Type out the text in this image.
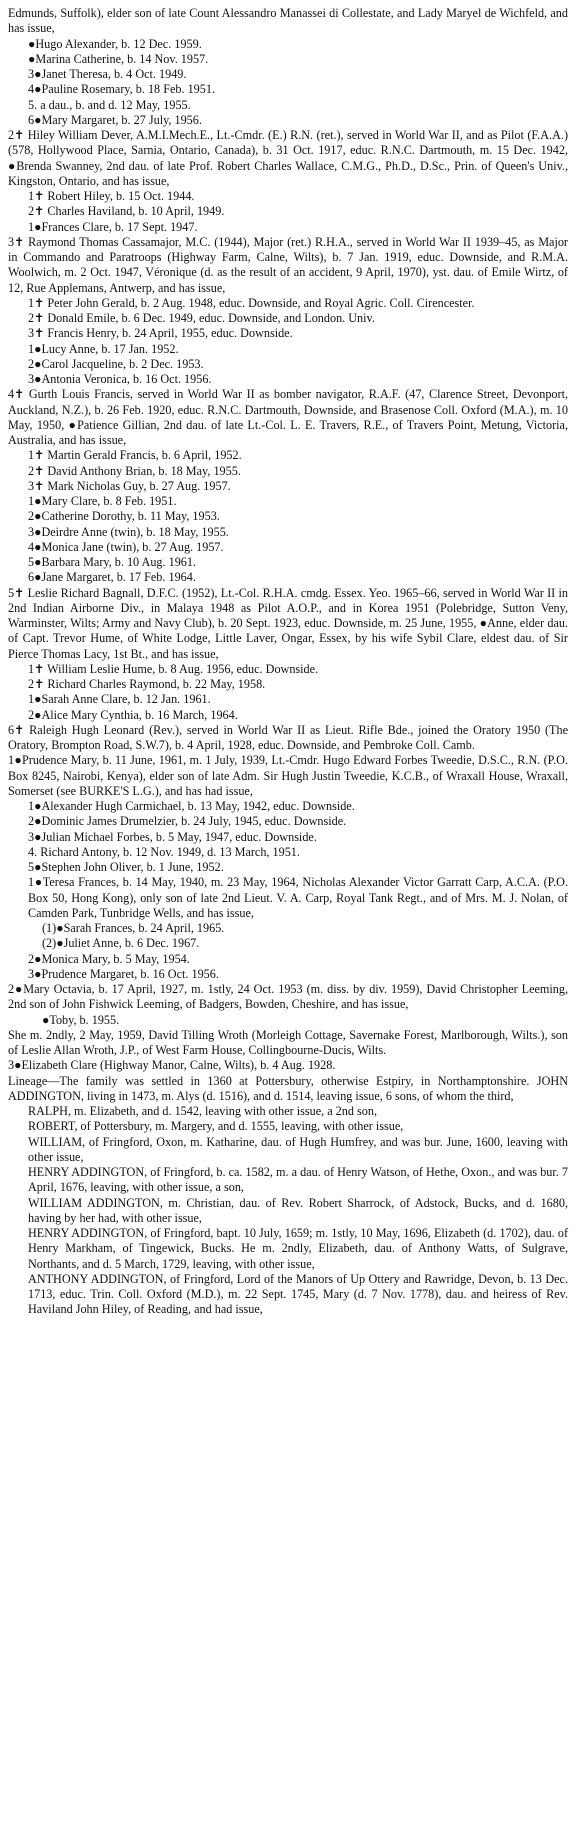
Edmunds, Suffolk), elder son of late Count Alessandro Manassei di Collestate, and Lady Maryel de Wichfeld, and has issue,

●Hugo Alexander, b. 12 Dec. 1959.

●Marina Catherine, b. 14 Nov. 1957.

3●Janet Theresa, b. 4 Oct. 1949.

4●Pauline Rosemary, b. 18 Feb. 1951.

5. a dau., b. and d. 12 May, 1955.

6●Mary Margaret, b. 27 July, 1956.

2✝ Hiley William Dever, A.M.I.Mech.E., Lt.-Cmdr. (E.) R.N. (ret.), served in World War II, and as Pilot (F.A.A.) (578, Hollywood Place, Sarnia, Ontario, Canada), b. 31 Oct. 1917, educ. R.N.C. Dartmouth, m. 15 Dec. 1942, ●Brenda Swanney, 2nd dau. of late Prof. Robert Charles Wallace, C.M.G., Ph.D., D.Sc., Prin. of Queen's Univ., Kingston, Ontario, and has issue,

1✝ Robert Hiley, b. 15 Oct. 1944.

2✝ Charles Haviland, b. 10 April, 1949.

1●Frances Clare, b. 17 Sept. 1947.

3✝ Raymond Thomas Cassamajor, M.C. (1944), Major (ret.) R.H.A., served in World War II 1939–45, as Major in Commando and Paratroops (Highway Farm, Calne, Wilts), b. 7 Jan. 1919, educ. Downside, and R.M.A. Woolwich, m. 2 Oct. 1947, Véronique (d. as the result of an accident, 9 April, 1970), yst. dau. of Emile Wirtz, of 12, Rue Applemans, Antwerp, and has issue,

1✝ Peter John Gerald, b. 2 Aug. 1948, educ. Downside, and Royal Agric. Coll. Cirencester.

2✝ Donald Emile, b. 6 Dec. 1949, educ. Downside, and London. Univ.

3✝ Francis Henry, b. 24 April, 1955, educ. Downside.

1●Lucy Anne, b. 17 Jan. 1952.

2●Carol Jacqueline, b. 2 Dec. 1953.

3●Antonia Veronica, b. 16 Oct. 1956.

4✝ Gurth Louis Francis, served in World War II as bomber navigator, R.A.F. (47, Clarence Street, Devonport, Auckland, N.Z.), b. 26 Feb. 1920, educ. R.N.C. Dartmouth, Downside, and Brasenose Coll. Oxford (M.A.), m. 10 May, 1950, ●Patience Gillian, 2nd dau. of late Lt.-Col. L. E. Travers, R.E., of Travers Point, Metung, Victoria, Australia, and has issue,

1✝ Martin Gerald Francis, b. 6 April, 1952.

2✝ David Anthony Brian, b. 18 May, 1955.

3✝ Mark Nicholas Guy, b. 27 Aug. 1957.

1●Mary Clare, b. 8 Feb. 1951.

2●Catherine Dorothy, b. 11 May, 1953.

3●Deirdre Anne (twin), b. 18 May, 1955.

4●Monica Jane (twin), b. 27 Aug. 1957.

5●Barbara Mary, b. 10 Aug. 1961.

6●Jane Margaret, b. 17 Feb. 1964.

5✝ Leslie Richard Bagnall, D.F.C. (1952), Lt.-Col. R.H.A. cmdg. Essex. Yeo. 1965–66, served in World War II in 2nd Indian Airborne Div., in Malaya 1948 as Pilot A.O.P., and in Korea 1951 (Polebridge, Sutton Veny, Warminster, Wilts; Army and Navy Club), b. 20 Sept. 1923, educ. Downside, m. 25 June, 1955, ●Anne, elder dau. of Capt. Trevor Hume, of White Lodge, Little Laver, Ongar, Essex, by his wife Sybil Clare, eldest dau. of Sir Pierce Thomas Lacy, 1st Bt., and has issue,

1✝ William Leslie Hume, b. 8 Aug. 1956, educ. Downside.

2✝ Richard Charles Raymond, b. 22 May, 1958.

1●Sarah Anne Clare, b. 12 Jan. 1961.

2●Alice Mary Cynthia, b. 16 March, 1964.

6✝ Raleigh Hugh Leonard (Rev.), served in World War II as Lieut. Rifle Bde., joined the Oratory 1950 (The Oratory, Brompton Road, S.W.7), b. 4 April, 1928, educ. Downside, and Pembroke Coll. Camb.

1●Prudence Mary, b. 11 June, 1961, m. 1 July, 1939, Lt.-Cmdr. Hugo Edward Forbes Tweedie, D.S.C., R.N. (P.O. Box 8245, Nairobi, Kenya), elder son of late Adm. Sir Hugh Justin Tweedie, K.C.B., of Wraxall House, Wraxall, Somerset (see BURKE'S L.G.), and has had issue,

1●Alexander Hugh Carmichael, b. 13 May, 1942, educ. Downside.

2●Dominic James Drumelzier, b. 24 July, 1945, educ. Downside.

3●Julian Michael Forbes, b. 5 May, 1947, educ. Downside.

4. Richard Antony, b. 12 Nov. 1949, d. 13 March, 1951.

5●Stephen John Oliver, b. 1 June, 1952.

1●Teresa Frances, b. 14 May, 1940, m. 23 May, 1964, Nicholas Alexander Victor Garratt Carp, A.C.A. (P.O. Box 50, Hong Kong), only son of late 2nd Lieut. V. A. Carp, Royal Tank Regt., and of Mrs. M. J. Nolan, of Camden Park, Tunbridge Wells, and has issue,

(1)●Sarah Frances, b. 24 April, 1965.

(2)●Juliet Anne, b. 6 Dec. 1967.

2●Monica Mary, b. 5 May, 1954.

3●Prudence Margaret, b. 16 Oct. 1956.

2●Mary Octavia, b. 17 April, 1927, m. 1stly, 24 Oct. 1953 (m. diss. by div. 1959), David Christopher Leeming, 2nd son of John Fishwick Leeming, of Badgers, Bowden, Cheshire, and has issue,

●Toby, b. 1955.

She m. 2ndly, 2 May, 1959, David Tilling Wroth (Morleigh Cottage, Savernake Forest, Marlborough, Wilts.), son of Leslie Allan Wroth, J.P., of West Farm House, Collingbourne-Ducis, Wilts.

3●Elizabeth Clare (Highway Manor, Calne, Wilts), b. 4 Aug. 1928.

Lineage—The family was settled in 1360 at Pottersbury, otherwise Estpiry, in Northamptonshire. JOHN ADDINGTON, living in 1473, m. Alys (d. 1516), and d. 1514, leaving issue, 6 sons, of whom the third,

RALPH, m. Elizabeth, and d. 1542, leaving with other issue, a 2nd son,

ROBERT, of Pottersbury, m. Margery, and d. 1555, leaving, with other issue,

WILLIAM, of Fringford, Oxon, m. Katharine, dau. of Hugh Humfrey, and was bur. June, 1600, leaving with other issue,

HENRY ADDINGTON, of Fringford, b. ca. 1582, m. a dau. of Henry Watson, of Hethe, Oxon., and was bur. 7 April, 1676, leaving, with other issue, a son,

WILLIAM ADDINGTON, m. Christian, dau. of Rev. Robert Sharrock, of Adstock, Bucks, and d. 1680, having by her had, with other issue,

HENRY ADDINGTON, of Fringford, bapt. 10 July, 1659; m. 1stly, 10 May, 1696, Elizabeth (d. 1702), dau. of Henry Markham, of Tingewick, Bucks. He m. 2ndly, Elizabeth, dau. of Anthony Watts, of Sulgrave, Northants, and d. 5 March, 1729, leaving, with other issue,

ANTHONY ADDINGTON, of Fringford, Lord of the Manors of Up Ottery and Rawridge, Devon, b. 13 Dec. 1713, educ. Trin. Coll. Oxford (M.D.), m. 22 Sept. 1745, Mary (d. 7 Nov. 1778), dau. and heiress of Rev. Haviland John Hiley, of Reading, and had issue,
